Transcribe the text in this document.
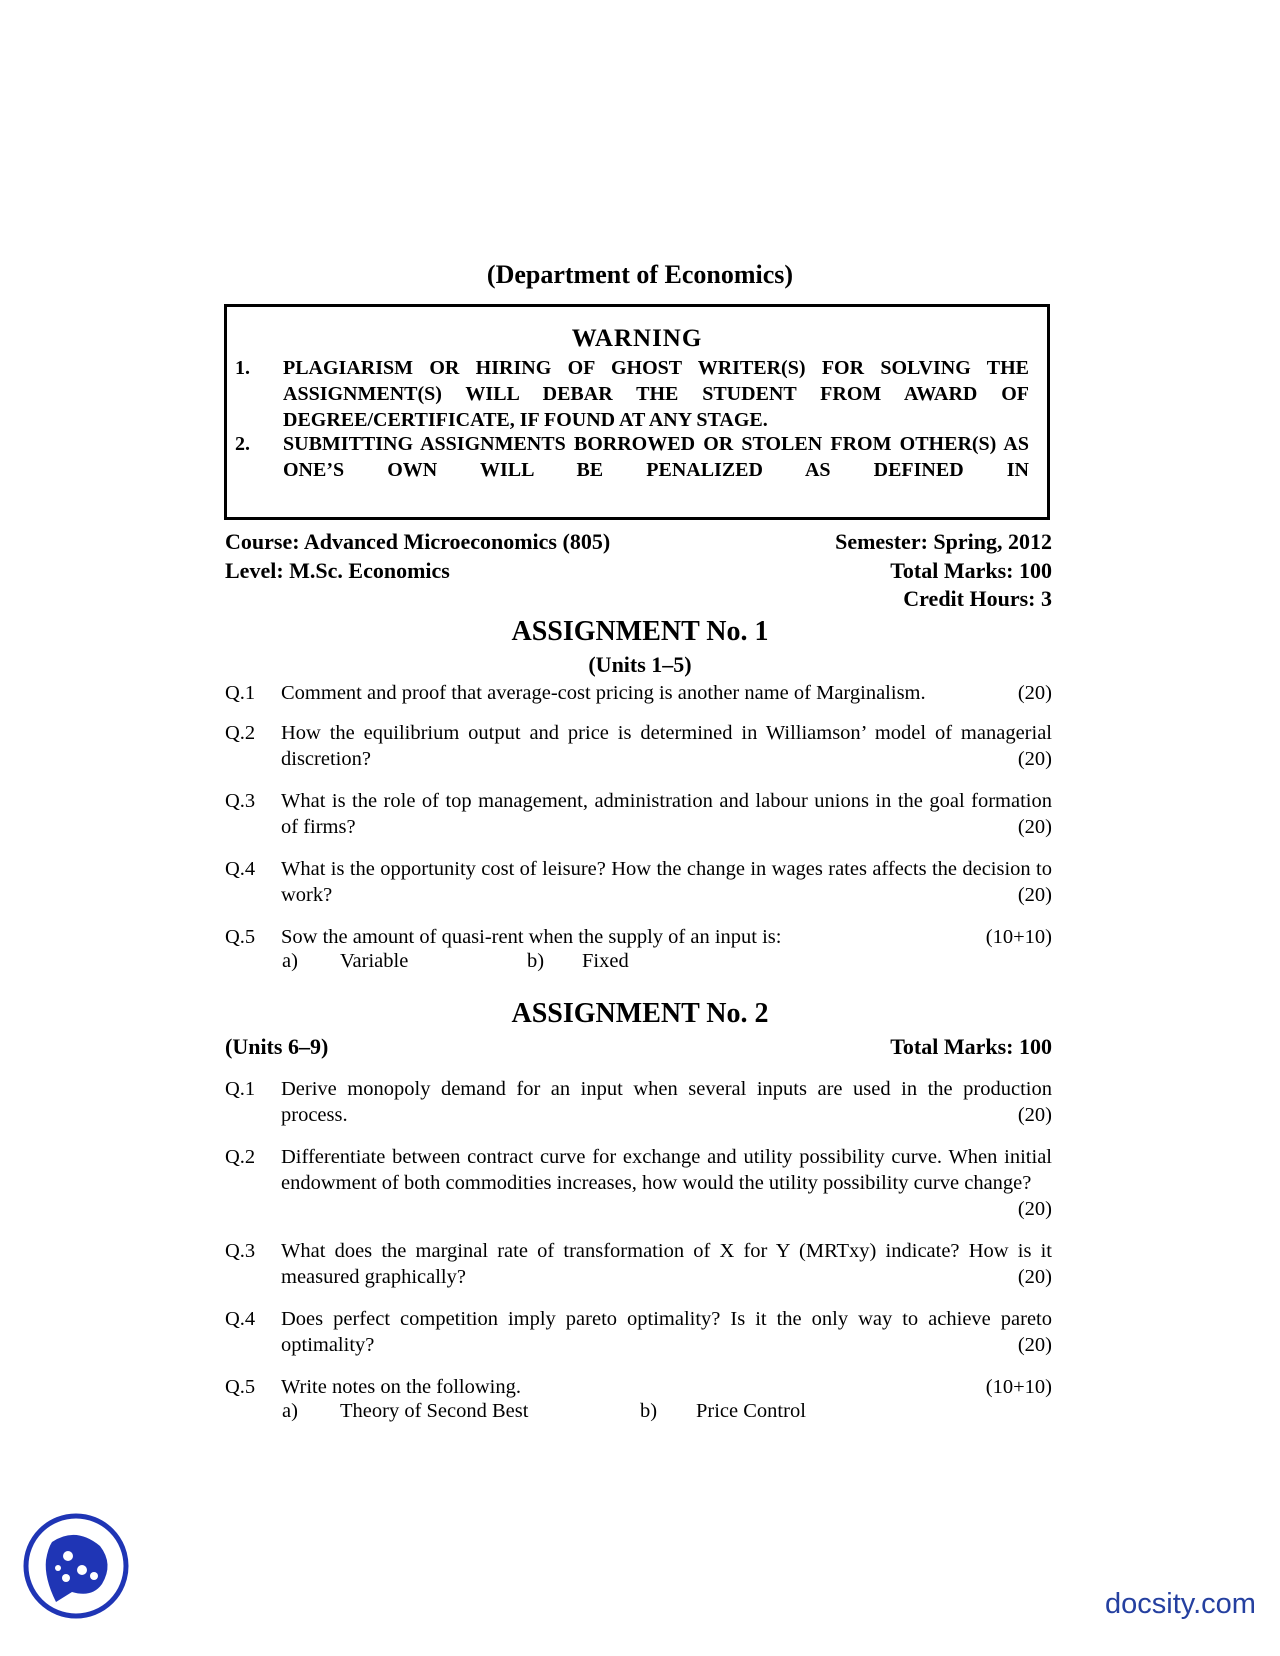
(Department of Economics)
WARNING
1.	PLAGIARISM OR HIRING OF GHOST WRITER(S) FOR SOLVING THE ASSIGNMENT(S) WILL DEBAR THE STUDENT FROM AWARD OF DEGREE/CERTIFICATE, IF FOUND AT ANY STAGE.
2.	SUBMITTING ASSIGNMENTS BORROWED OR STOLEN FROM OTHER(S) AS ONE’S OWN WILL BE PENALIZED AS DEFINED IN
Course: Advanced Microeconomics (805)
Level: M.Sc. Economics
Semester: Spring, 2012
Total Marks: 100
Credit Hours: 3
ASSIGNMENT No. 1
(Units 1–5)
Q.1 Comment and proof that average-cost pricing is another name of Marginalism.	(20)
Q.2 How the equilibrium output and price is determined in Williamson’ model of managerial discretion?	(20)
Q.3 What is the role of top management, administration and labour unions in the goal formation of firms?	(20)
Q.4 What is the opportunity cost of leisure? How the change in wages rates affects the decision to work?	(20)
Q.5 Sow the amount of quasi-rent when the supply of an input is:	(10+10)
a) Variable	b) Fixed
ASSIGNMENT No. 2
(Units 6–9)	Total Marks: 100
Q.1 Derive monopoly demand for an input when several inputs are used in the production process.	(20)
Q.2 Differentiate between contract curve for exchange and utility possibility curve. When initial endowment of both commodities increases, how would the utility possibility curve change?
(20)
Q.3 What does the marginal rate of transformation of X for Y (MRTxy) indicate? How is it measured graphically?	(20)
Q.4 Does perfect competition imply pareto optimality? Is it the only way to achieve pareto optimality?	(20)
Q.5 Write notes on the following.	(10+10)
a) Theory of Second Best	b) Price Control
docsity.com
